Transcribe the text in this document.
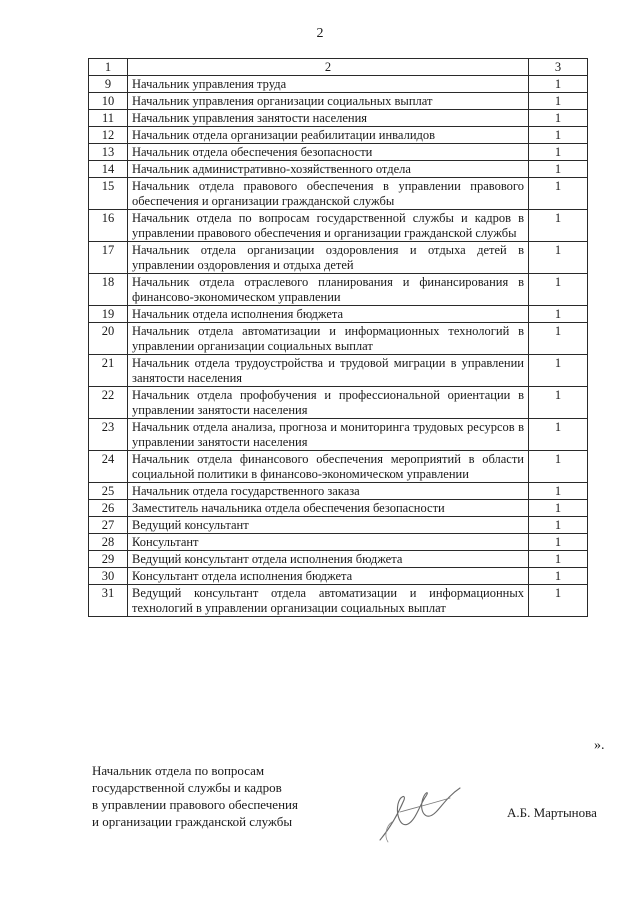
2
1	2	3
9	Начальник управления труда	1
10	Начальник управления организации социальных выплат	1
11	Начальник управления занятости населения	1
12	Начальник отдела организации реабилитации инвалидов	1
13	Начальник отдела обеспечения безопасности	1
14	Начальник административно-хозяйственного отдела	1
15	Начальник отдела правового обеспечения в управлении правового обеспечения и организации гражданской службы	1
16	Начальник отдела по вопросам государственной службы и кадров в управлении правового обеспечения и организации гражданской службы	1
17	Начальник отдела организации оздоровления и отдыха детей в управлении оздоровления и отдыха детей	1
18	Начальник отдела отраслевого планирования и финансирования в финансово-экономическом управлении	1
19	Начальник отдела исполнения бюджета	1
20	Начальник отдела автоматизации и информационных технологий в управлении организации социальных выплат	1
21	Начальник отдела трудоустройства и трудовой миграции в управлении занятости населения	1
22	Начальник отдела профобучения и профессиональной ориентации в управлении занятости населения	1
23	Начальник отдела анализа, прогноза и мониторинга трудовых ресурсов в управлении занятости населения	1
24	Начальник отдела финансового обеспечения мероприятий в области социальной политики в финансово-экономическом управлении	1
25	Начальник отдела государственного заказа	1
26	Заместитель начальника отдела обеспечения безопасности	1
27	Ведущий консультант	1
28	Консультант	1
29	Ведущий консультант отдела исполнения бюджета	1
30	Консультант отдела исполнения бюджета	1
31	Ведущий консультант отдела автоматизации и информационных технологий в управлении организации социальных выплат	1
».
Начальник отдела по вопросам
государственной службы и кадров
в управлении правового обеспечения
и организации гражданской службы
А.Б. Мартынова
